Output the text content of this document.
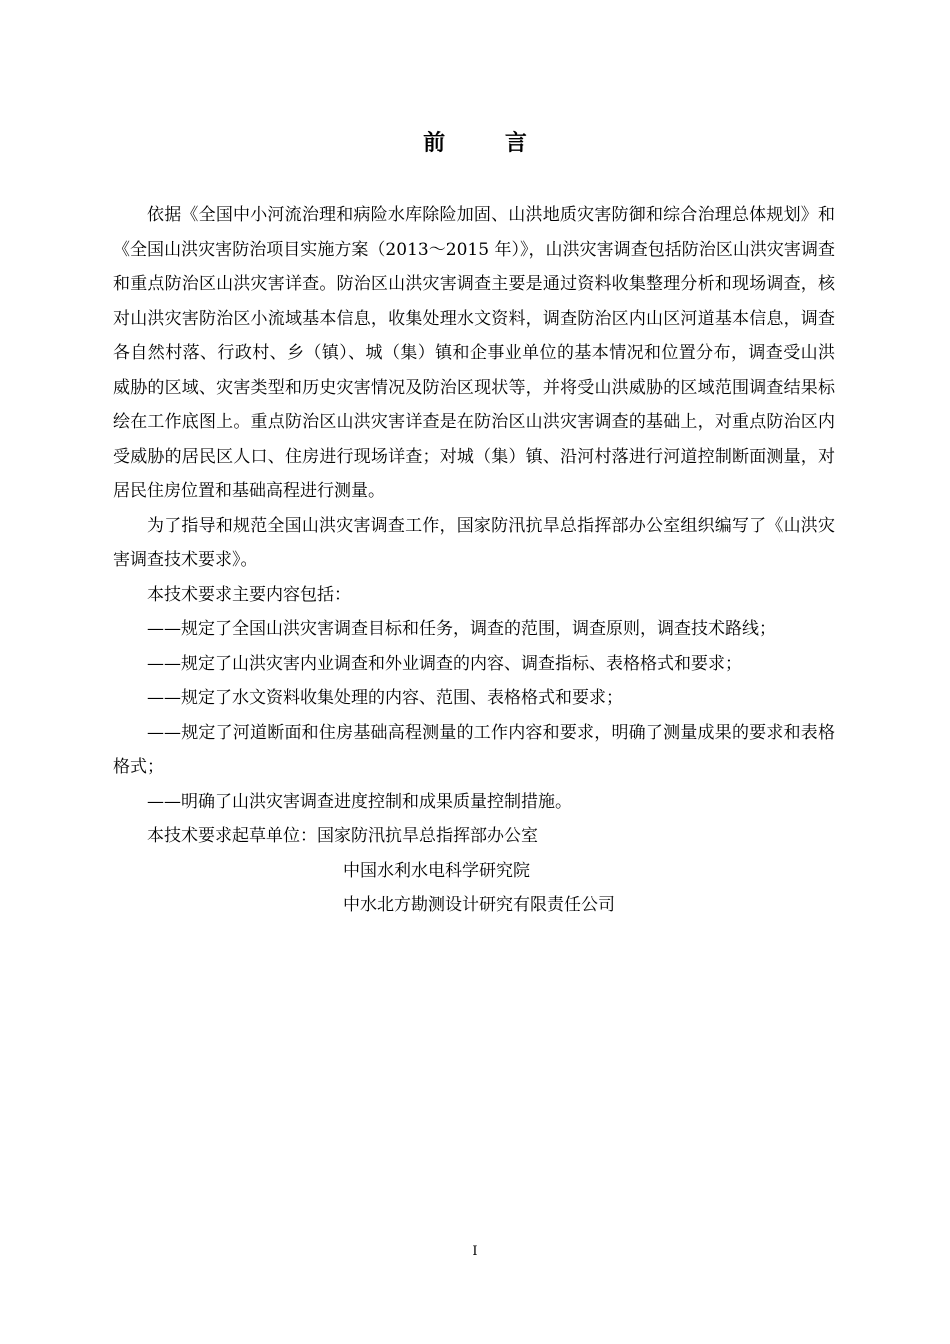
前 言

依据《全国中小河流治理和病险水库除险加固、山洪地质灾害防御和综合治理总体规划》和《全国山洪灾害防治项目实施方案（2013～2015 年）》，山洪灾害调查包括防治区山洪灾害调查和重点防治区山洪灾害详查。防治区山洪灾害调查主要是通过资料收集整理分析和现场调查，核对山洪灾害防治区小流域基本信息，收集处理水文资料，调查防治区内山区河道基本信息，调查各自然村落、行政村、乡（镇）、城（集）镇和企事业单位的基本情况和位置分布，调查受山洪威胁的区域、灾害类型和历史灾害情况及防治区现状等，并将受山洪威胁的区域范围调查结果标绘在工作底图上。重点防治区山洪灾害详查是在防治区山洪灾害调查的基础上，对重点防治区内受威胁的居民区人口、住房进行现场详查；对城（集）镇、沿河村落进行河道控制断面测量，对居民住房位置和基础高程进行测量。

为了指导和规范全国山洪灾害调查工作，国家防汛抗旱总指挥部办公室组织编写了《山洪灾害调查技术要求》。

本技术要求主要内容包括：

——规定了全国山洪灾害调查目标和任务，调查的范围，调查原则，调查技术路线；

——规定了山洪灾害内业调查和外业调查的内容、调查指标、表格格式和要求；

——规定了水文资料收集处理的内容、范围、表格格式和要求；

——规定了河道断面和住房基础高程测量的工作内容和要求，明确了测量成果的要求和表格格式；

——明确了山洪灾害调查进度控制和成果质量控制措施。

本技术要求起草单位：国家防汛抗旱总指挥部办公室

中国水利水电科学研究院

中水北方勘测设计研究有限责任公司

I
